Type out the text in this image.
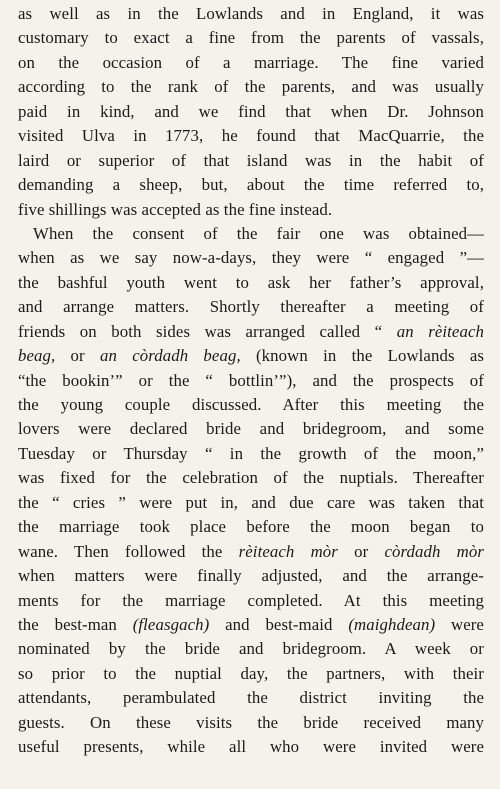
as well as in the Lowlands and in England, it was
customary to exact a fine from the parents of vassals,
on the occasion of a marriage. The fine varied
according to the rank of the parents, and was usually
paid in kind, and we find that when Dr. Johnson
visited Ulva in 1773, he found that MacQuarrie, the
laird or superior of that island was in the habit of
demanding a sheep, but, about the time referred to,
five shillings was accepted as the fine instead.
When the consent of the fair one was obtained—
when as we say now-a-days, they were “ engaged ”—
the bashful youth went to ask her father’s approval,
and arrange matters. Shortly thereafter a meeting of
friends on both sides was arranged called “ an rèiteach
beag, or an còrdadh beag, (known in the Lowlands as
“the bookin’” or the “ bottlin’”), and the prospects of
the young couple discussed. After this meeting the
lovers were declared bride and bridegroom, and some
Tuesday or Thursday “ in the growth of the moon,”
was fixed for the celebration of the nuptials. Thereafter
the “ cries ” were put in, and due care was taken that
the marriage took place before the moon began to
wane. Then followed the rèiteach mòr or còrdadh mòr
when matters were finally adjusted, and the arrange-
ments for the marriage completed. At this meeting
the best-man (fleasgach) and best-maid (maighdean) were
nominated by the bride and bridegroom. A week or
so prior to the nuptial day, the partners, with their
attendants, perambulated the district inviting the
guests. On these visits the bride received many
useful presents, while all who were invited were
